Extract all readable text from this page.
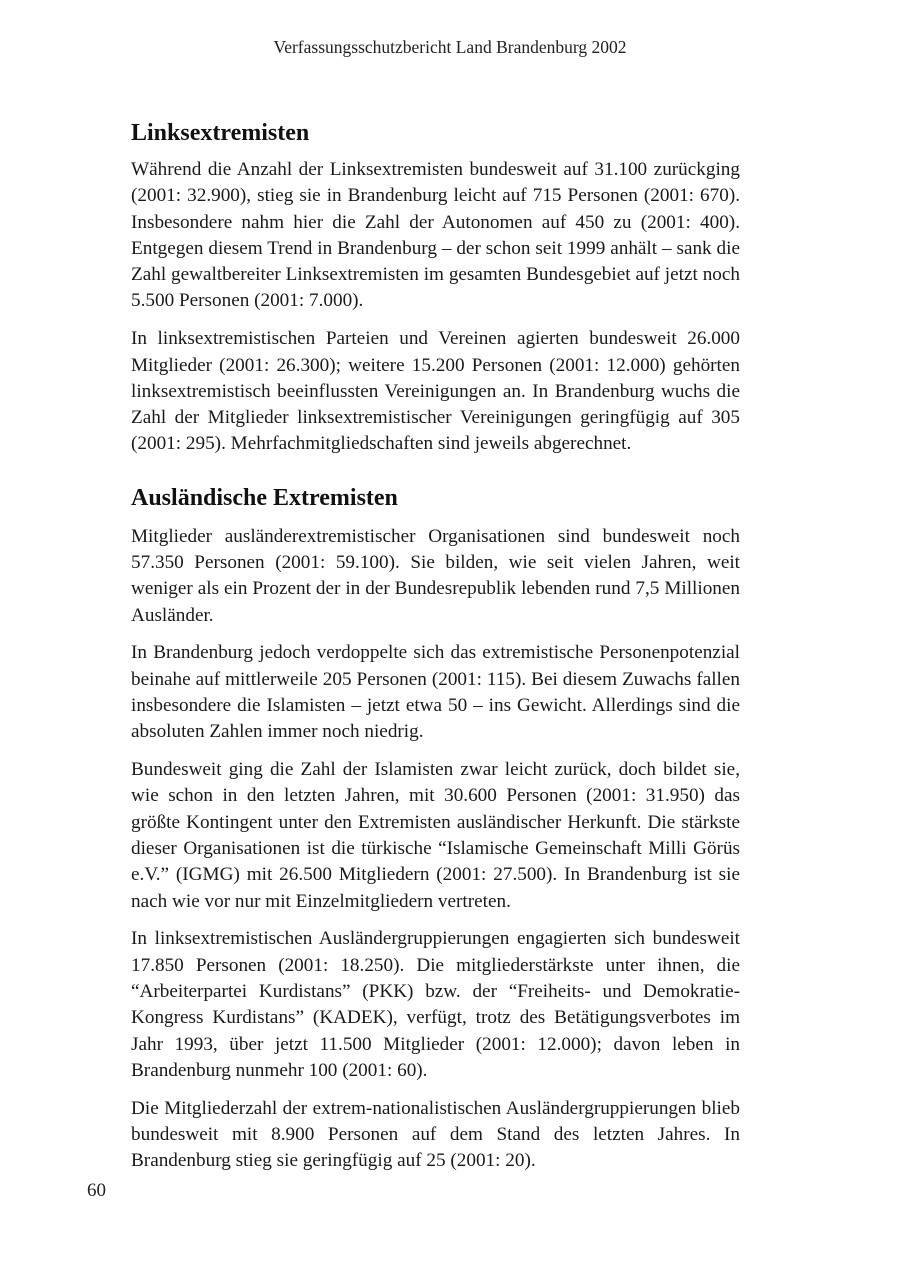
Verfassungsschutzbericht Land Brandenburg 2002
Linksextremisten

Während die Anzahl der Linksextremisten bundesweit auf 31.100 zurückging (2001: 32.900), stieg sie in Brandenburg leicht auf 715 Personen (2001: 670). Insbesondere nahm hier die Zahl der Autonomen auf 450 zu (2001: 400). Entgegen diesem Trend in Brandenburg – der schon seit 1999 anhält – sank die Zahl gewaltbereiter Linksextremisten im gesamten Bundesgebiet auf jetzt noch 5.500 Personen (2001: 7.000).

In linksextremistischen Parteien und Vereinen agierten bundesweit 26.000 Mitglieder (2001: 26.300); weitere 15.200 Personen (2001: 12.000) gehörten linksextremistisch beeinflussten Vereinigungen an. In Brandenburg wuchs die Zahl der Mitglieder linksextremistischer Vereinigungen geringfügig auf 305 (2001: 295). Mehrfachmitgliedschaften sind jeweils abgerechnet.

Ausländische Extremisten

Mitglieder ausländerextremistischer Organisationen sind bundesweit noch 57.350 Personen (2001: 59.100). Sie bilden, wie seit vielen Jahren, weit weniger als ein Prozent der in der Bundesrepublik lebenden rund 7,5 Millionen Ausländer.

In Brandenburg jedoch verdoppelte sich das extremistische Personenpotenzial beinahe auf mittlerweile 205 Personen (2001: 115). Bei diesem Zuwachs fallen insbesondere die Islamisten – jetzt etwa 50 – ins Gewicht. Allerdings sind die absoluten Zahlen immer noch niedrig.

Bundesweit ging die Zahl der Islamisten zwar leicht zurück, doch bildet sie, wie schon in den letzten Jahren, mit 30.600 Personen (2001: 31.950) das größte Kontingent unter den Extremisten ausländischer Herkunft. Die stärkste dieser Organisationen ist die türkische “Islamische Gemeinschaft Milli Görüs e.V.” (IGMG) mit 26.500 Mitgliedern (2001: 27.500). In Brandenburg ist sie nach wie vor nur mit Einzelmitgliedern vertreten.

In linksextremistischen Ausländergruppierungen engagierten sich bundesweit 17.850 Personen (2001: 18.250). Die mitgliederstärkste unter ihnen, die “Arbeiterpartei Kurdistans” (PKK) bzw. der “Freiheits- und Demokratie-Kongress Kurdistans” (KADEK), verfügt, trotz des Betätigungsverbotes im Jahr 1993, über jetzt 11.500 Mitglieder (2001: 12.000); davon leben in Brandenburg nunmehr 100 (2001: 60).

Die Mitgliederzahl der extrem-nationalistischen Ausländergruppierungen blieb bundesweit mit 8.900 Personen auf dem Stand des letzten Jahres. In Brandenburg stieg sie geringfügig auf 25 (2001: 20).

60
